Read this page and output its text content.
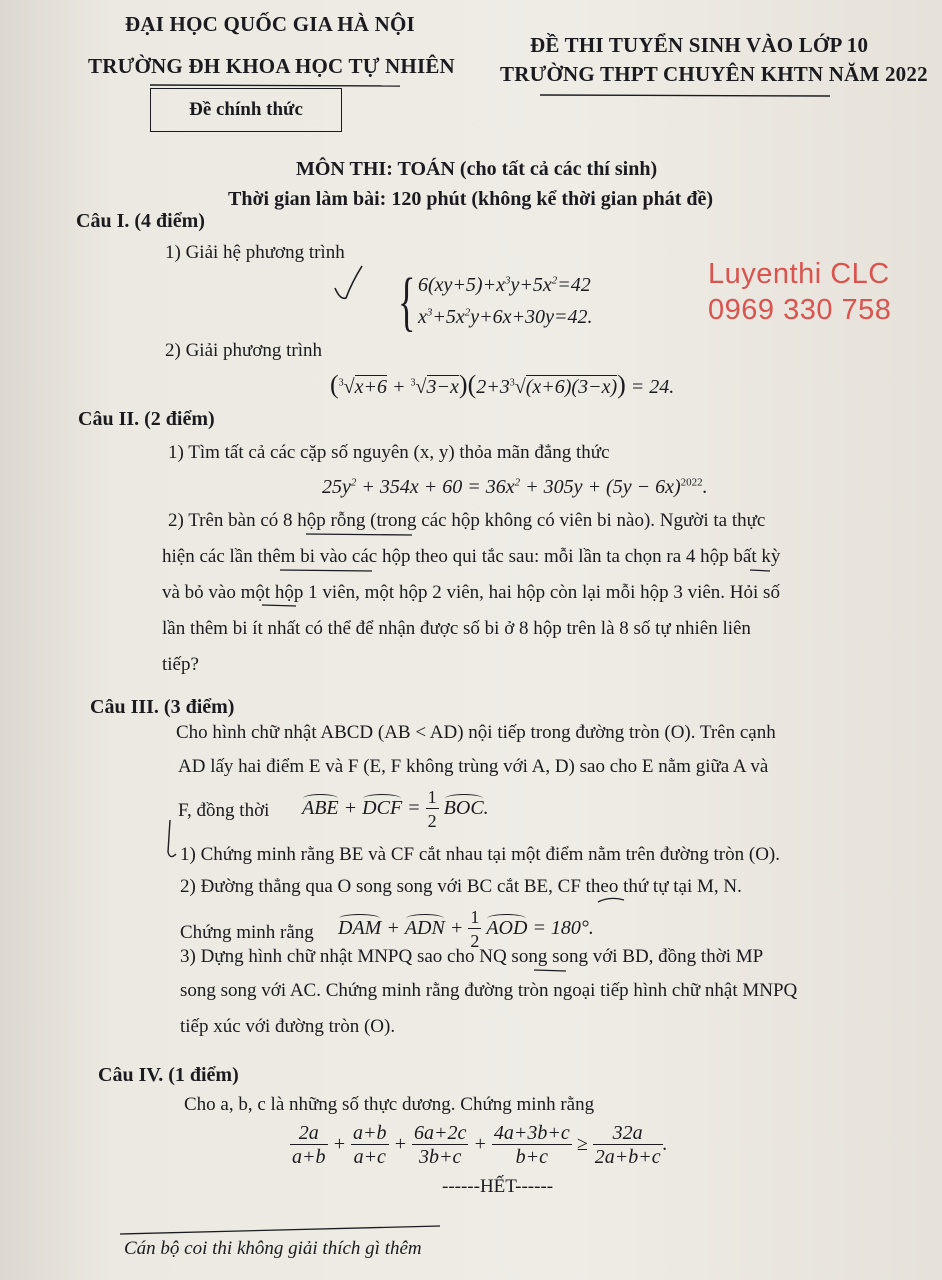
ĐẠI HỌC QUỐC GIA HÀ NỘI
TRƯỜNG ĐH KHOA HỌC TỰ NHIÊN
ĐỀ THI TUYỂN SINH VÀO LỚP 10
TRƯỜNG THPT CHUYÊN KHTN NĂM 2022
Đề chính thức
MÔN THI: TOÁN (cho tất cả các thí sinh)
Thời gian làm bài: 120 phút (không kể thời gian phát đề)
Luyenthi CLC
0969 330 758
Câu I. (4 điểm)
1) Giải hệ phương trình
{ $6(xy+5)+x^3y+5x^2=42$
$x^3+5x^2y+6x+30y=42$.
2) Giải phương trình
$(^3√x+6 + ^3√3-x)(2+3^3√(x+6)(3-x)) = 24$.
Câu II. (2 điểm)
1) Tìm tất cả các cặp số nguyên (x, y) thỏa mãn đẳng thức
$25y^2 + 354x + 60 = 36x^2 + 305y + (5y - 6x)^{2022}$.
2) Trên bàn có 8 hộp rỗng (trong các hộp không có viên bi nào). Người ta thực
hiện các lần thêm bi vào các hộp theo qui tắc sau: mỗi lần ta chọn ra 4 hộp bất kỳ
và bỏ vào một hộp 1 viên, một hộp 2 viên, hai hộp còn lại mỗi hộp 3 viên. Hỏi số
lần thêm bi ít nhất có thể để nhận được số bi ở 8 hộp trên là 8 số tự nhiên liên
tiếp?
Câu III. (3 điểm)
Cho hình chữ nhật ABCD (AB < AD) nội tiếp trong đường tròn (O). Trên cạnh
AD lấy hai điểm E và F (E, F không trùng với A, D) sao cho E nằm giữa A và
F, đồng thời ABE + DCF = $\frac{1}{2}$ BOC.
1) Chứng minh rằng BE và CF cắt nhau tại một điểm nằm trên đường tròn (O).
2) Đường thẳng qua O song song với BC cắt BE, CF theo thứ tự tại M, N.
Chứng minh rằng DAM + ADN + $\frac{1}{2}$ AOD = 180°.
3) Dựng hình chữ nhật MNPQ sao cho NQ song song với BD, đồng thời MP
song song với AC. Chứng minh rằng đường tròn ngoại tiếp hình chữ nhật MNPQ
tiếp xúc với đường tròn (O).
Câu IV. (1 điểm)
Cho a, b, c là những số thực dương. Chứng minh rằng
$\frac{2a}{a+b} + \frac{a+b}{a+c} + \frac{6a+2c}{3b+c} + \frac{4a+3b+c}{b+c} \ge \frac{32a}{2a+b+c}$ .
------HẾT------
Cán bộ coi thi không giải thích gì thêm
